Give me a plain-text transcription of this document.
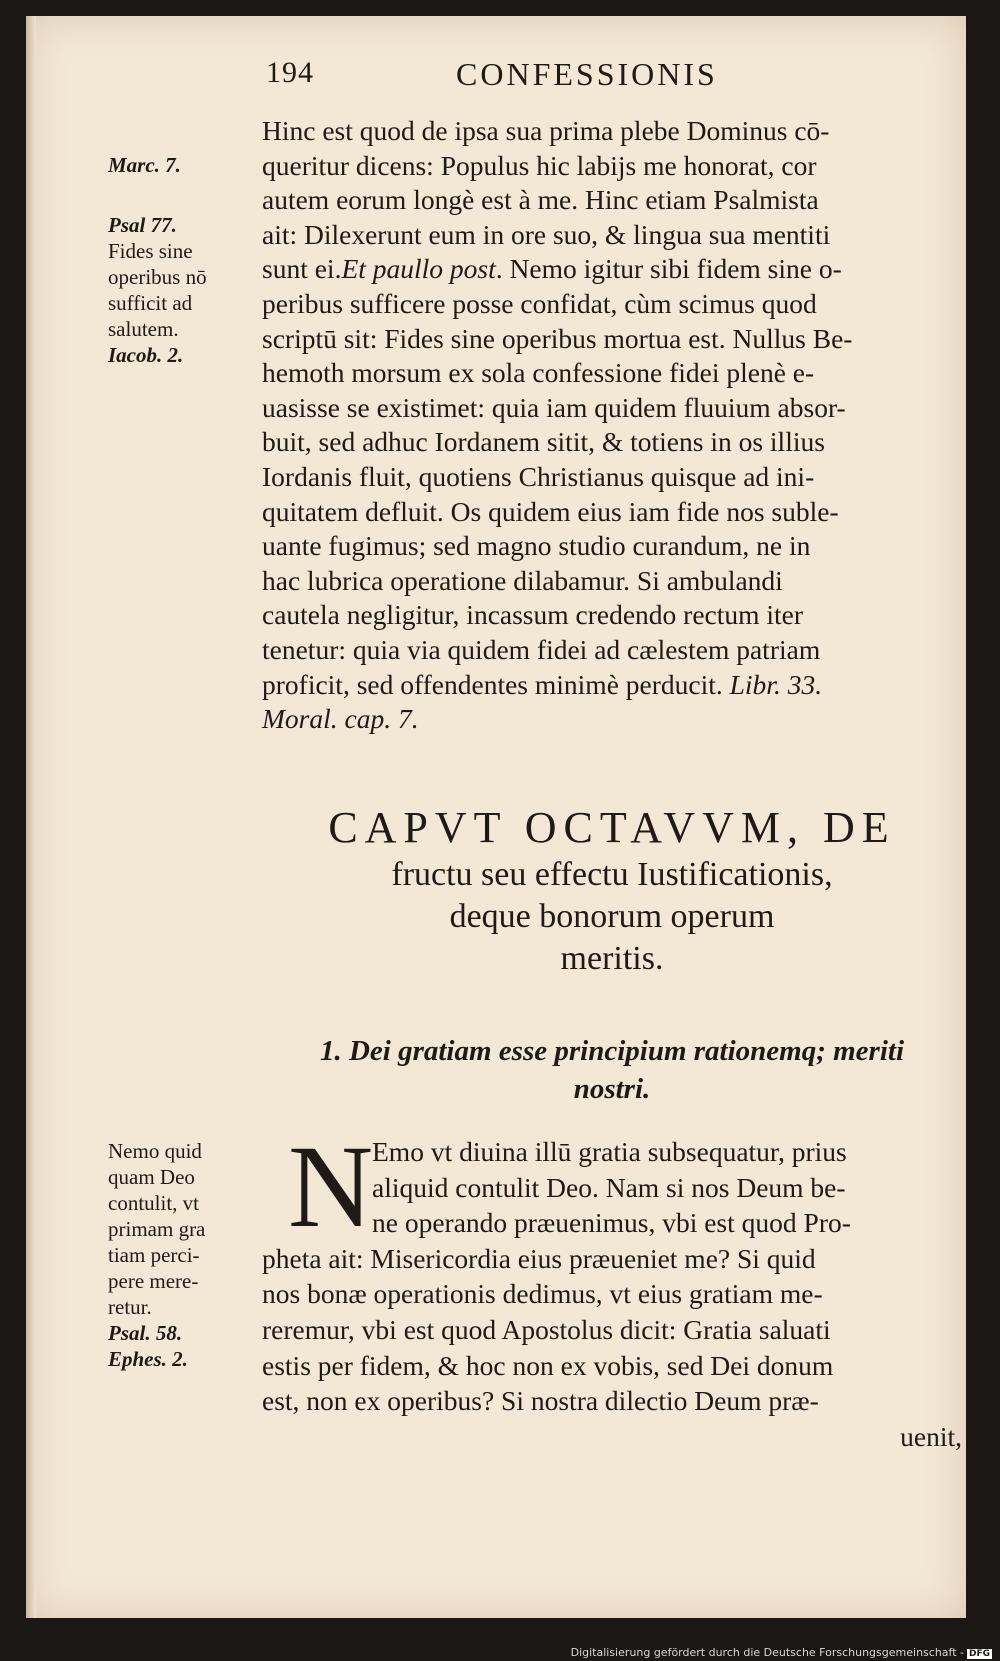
194	CONFESSIONIS
Marc. 7.
Psal 77.
Fides sine
operibus nō
sufficit ad
salutem.
Iacob. 2.
Hinc est quod de ipsa sua prima plebe Dominus cō-
queritur dicens: Populus hic labijs me honorat, cor
autem eorum longè est à me. Hinc etiam Psalmista
ait: Dilexerunt eum in ore suo, & lingua sua mentiti
sunt ei.Et paullo post. Nemo igitur sibi fidem sine o-
peribus sufficere posse confidat, cùm scimus quod
scriptū sit: Fides sine operibus mortua est. Nullus Be-
hemoth morsum ex sola confessione fidei plenè e-
uasisse se existimet: quia iam quidem fluuium absor-
buit, sed adhuc Iordanem sitit, & totiens in os illius
Iordanis fluit, quotiens Christianus quisque ad ini-
quitatem defluit. Os quidem eius iam fide nos suble-
uante fugimus; sed magno studio curandum, ne in
hac lubrica operatione dilabamur. Si ambulandi
cautela negligitur, incassum credendo rectum iter
tenetur: quia via quidem fidei ad cælestem patriam
proficit, sed offendentes minimè perducit. Libr. 33.
Moral. cap. 7.
CAPVT OCTAVVM, DE
fructu seu effectu Iustificationis,
deque bonorum operum
meritis.
1. Dei gratiam esse principium rationemq; meriti
nostri.
Nemo quid
quam Deo
contulit, vt
primam gra
tiam perci-
pere mere-
retur.
Psal. 58.
Ephes. 2.
N
Emo vt diuina illū gratia subsequatur, prius
aliquid contulit Deo. Nam si nos Deum be-
ne operando præuenimus, vbi est quod Pro-
pheta ait: Misericordia eius præueniet me? Si quid
nos bonæ operationis dedimus, vt eius gratiam me-
reremur, vbi est quod Apostolus dicit: Gratia saluati
estis per fidem, & hoc non ex vobis, sed Dei donum
est, non ex operibus? Si nostra dilectio Deum præ-
uenit,
Digitalisierung gefördert durch die Deutsche Forschungsgemeinschaft - DFG
